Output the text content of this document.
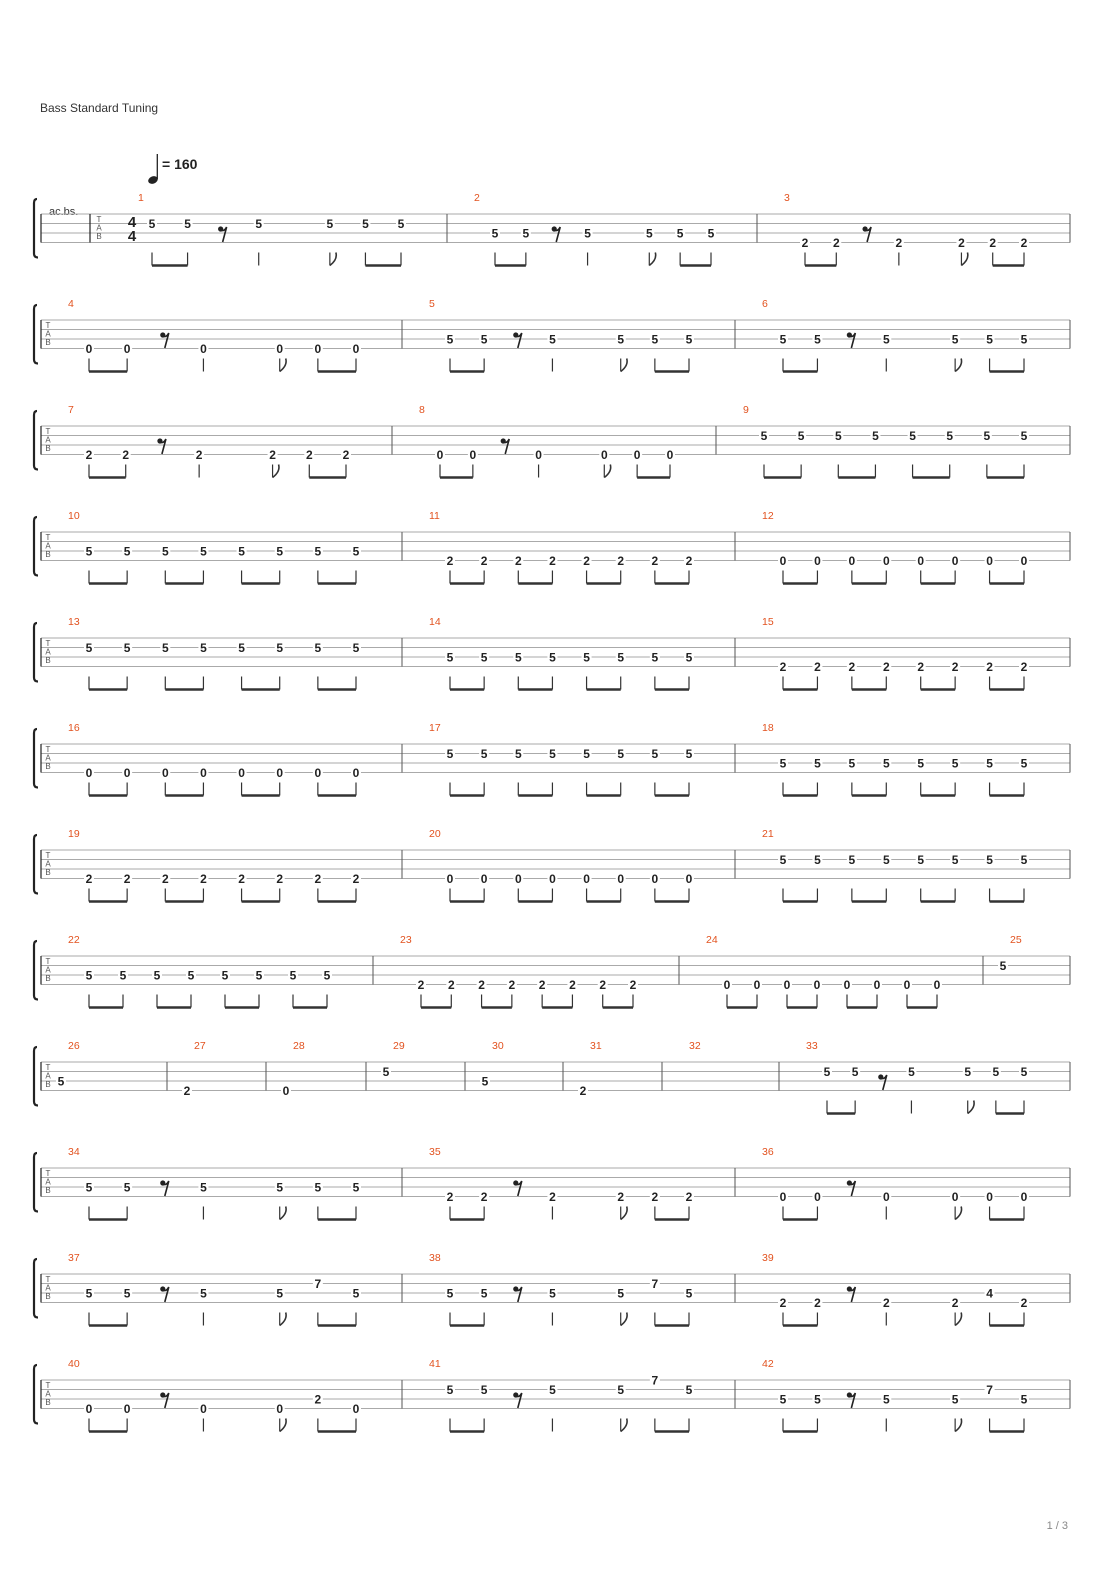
Bass Standard Tuning
= 160
ac.bs.
T
A
B
4
4
1
5 5	5	5 5 5
2
5 5	5	5 5 5
3
2 2	2	2 2 2
T
A
B
4
0	0	0	0	0	0
5
5 5	5	5 5 5
6
5 5	5	5 5 5
T
A
B
7
2	2	2	2	2	2
8
0 0	0	0 0 0
9
5	5	5	5	5	5	5	5
T
A
B
10
5	5	5	5	5	5	5	5
11
2 2 2 2 2 2 2 2
12
0 0 0 0 0 0 0 0
T
A
B
13
5	5	5	5	5	5	5	5
14
5 5 5 5 5 5 5 5
15
2 2 2 2 2 2 2 2
T
A
B
16
0	0	0	0	0	0	0	0
17
5 5 5 5 5 5 5 5
18
5 5 5 5 5 5 5 5
T
A
B
19
2	2	2	2	2	2	2	2
20
0 0 0 0 0 0 0 0
21
5 5 5 5 5 5 5 5
T
A
B
22
5 5 5 5 5 5 5 5
23
2 2 2 2 2 2 2 2
24
0 0 0 0 0 0 0 0
25
5
T
A
B
26
5
27
2
28
0
29
5
30
5
31
2
32	33
5 5	5	5 5 5
T
A
B
34
5	5	5	5	5	5
35
2 2	2	2 2 2
36
0 0	0	0 0 0
T
A
B
37
5	5	5	5
7
5
38
5 5	5	5
7
5
39
2 2	2	2
4
2
T
A
B
40
0	0	0	0
2
0
41
5 5	5	5
7
5
42
5 5	5	5
7
5
1 / 3
